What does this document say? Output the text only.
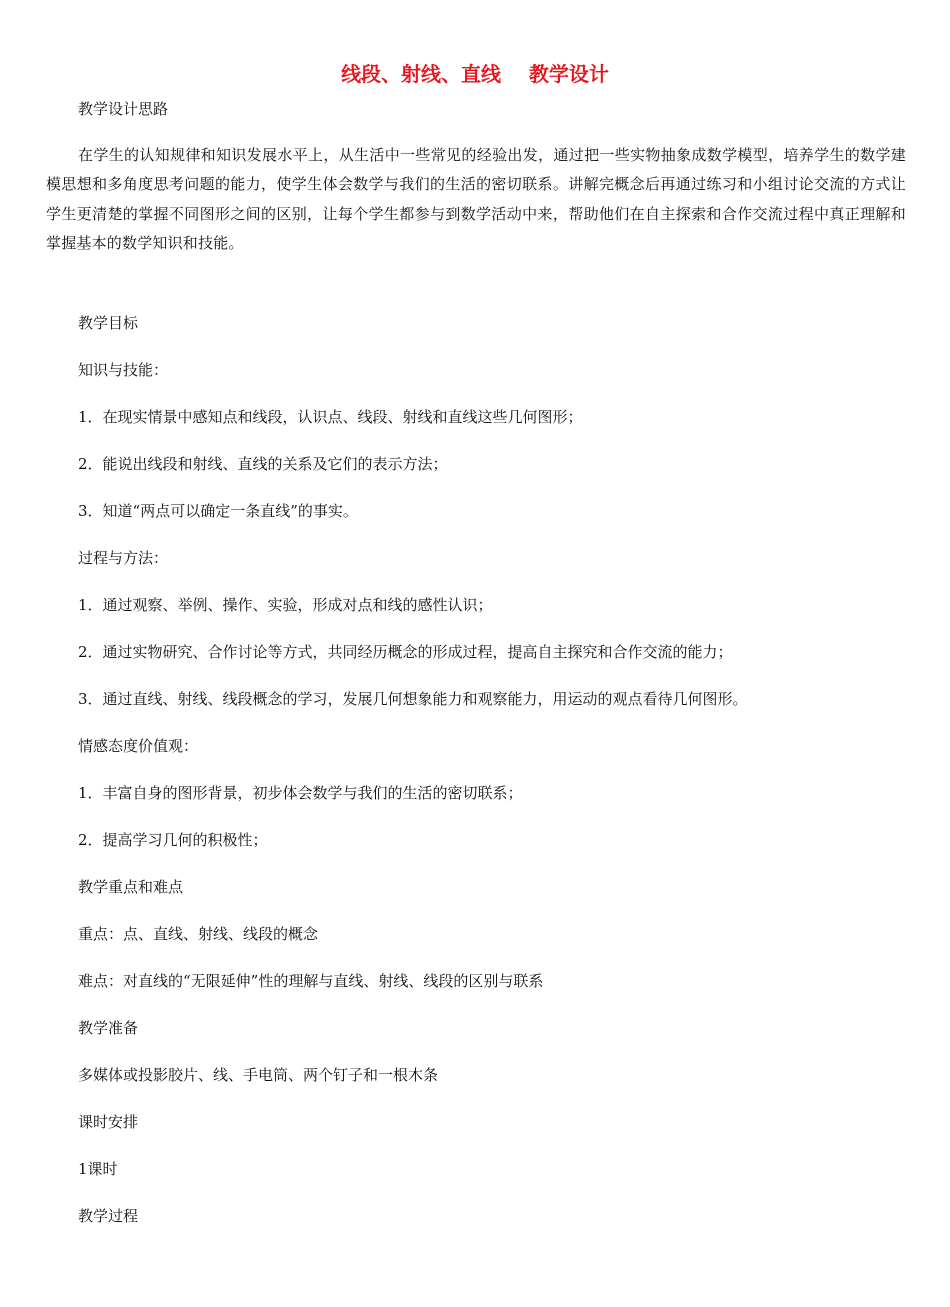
线段、射线、直线    教学设计
教学设计思路
在学生的认知规律和知识发展水平上，从生活中一些常见的经验出发，通过把一些实物抽象成数学模型，培养学生的数学建模思想和多角度思考问题的能力，使学生体会数学与我们的生活的密切联系。讲解完概念后再通过练习和小组讨论交流的方式让学生更清楚的掌握不同图形之间的区别，让每个学生都参与到数学活动中来，帮助他们在自主探索和合作交流过程中真正理解和掌握基本的数学知识和技能。
教学目标
知识与技能：
1．在现实情景中感知点和线段，认识点、线段、射线和直线这些几何图形；
2．能说出线段和射线、直线的关系及它们的表示方法；
3．知道“两点可以确定一条直线”的事实。
过程与方法：
1．通过观察、举例、操作、实验，形成对点和线的感性认识；
2．通过实物研究、合作讨论等方式，共同经历概念的形成过程，提高自主探究和合作交流的能力；
3．通过直线、射线、线段概念的学习，发展几何想象能力和观察能力，用运动的观点看待几何图形。
情感态度价值观：
1．丰富自身的图形背景，初步体会数学与我们的生活的密切联系；
2．提高学习几何的积极性；
教学重点和难点
重点：点、直线、射线、线段的概念
难点：对直线的“无限延伸”性的理解与直线、射线、线段的区别与联系
教学准备
多媒体或投影胶片、线、手电筒、两个钉子和一根木条
课时安排
1课时
教学过程
